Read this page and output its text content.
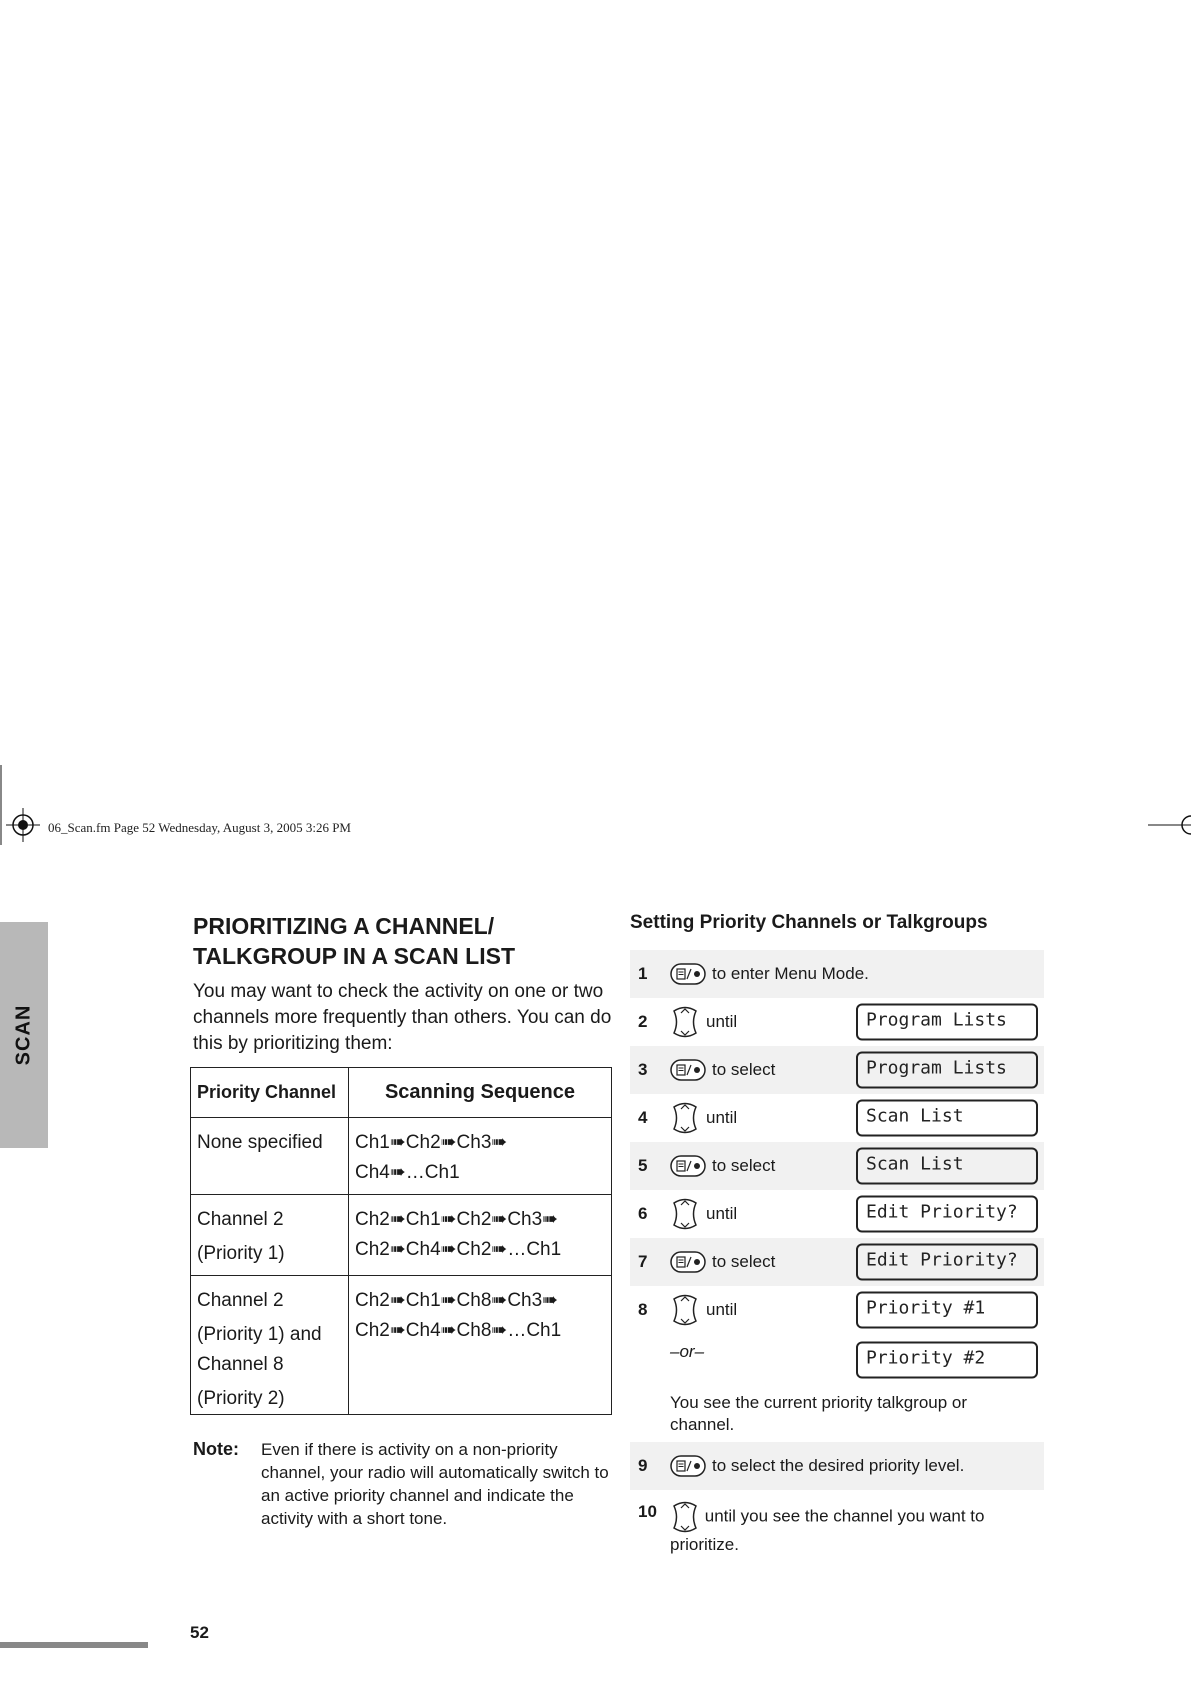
06_Scan.fm Page 52 Wednesday, August 3, 2005 3:26 PM
SCAN
PRIORITIZING A CHANNEL/
TALKGROUP IN A SCAN LIST

You may want to check the activity on one or two channels more frequently than others. You can do this by prioritizing them:

Priority Channel	Scanning Sequence

None specified	Ch1➠Ch2➠Ch3➠
Ch4➠…Ch1

Channel 2
(Priority 1)	Ch2➠Ch1➠Ch2➠Ch3➠
Ch2➠Ch4➠Ch2➠…Ch1

Channel 2
(Priority 1) and Channel 8
(Priority 2)	Ch2➠Ch1➠Ch8➠Ch3➠
Ch2➠Ch4➠Ch8➠…Ch1
Note: Even if there is activity on a non-priority channel, your radio will automatically switch to an active priority channel and indicate the activity with a short tone.
Setting Priority Channels or Talkgroups
1	to enter Menu Mode.
2	until	Program Lists
3	to select	Program Lists
4	until	Scan List
5	to select	Scan List
6	until	Edit Priority?
7	to select	Edit Priority?
8	until	Priority #1
–or–	Priority #2
You see the current priority talkgroup or channel.
9	to select the desired priority level.
10	until you see the channel you want to prioritize.
52
